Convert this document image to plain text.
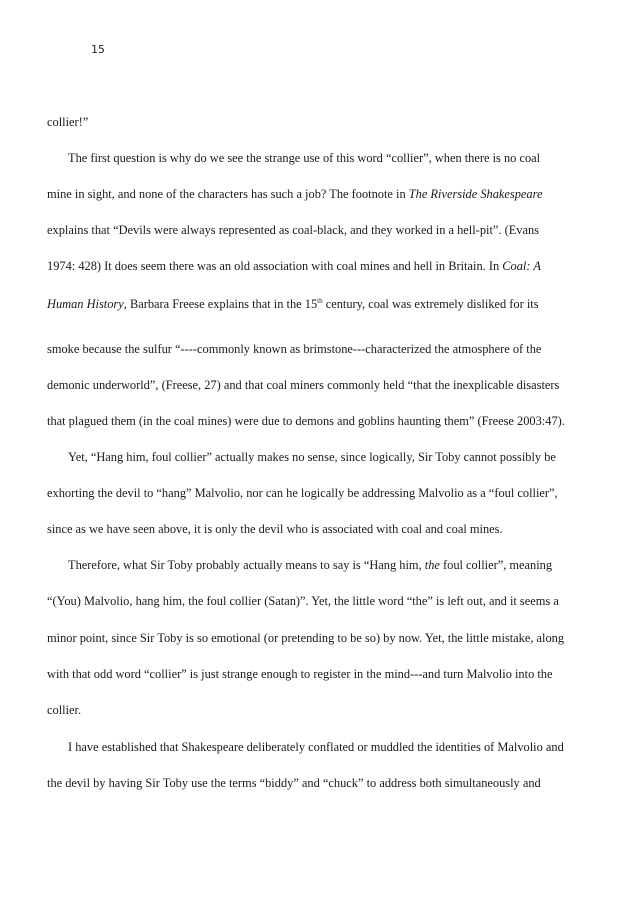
15
collier!”
The first question is why do we see the strange use of this word “collier”, when there is no coal
mine in sight, and none of the characters has such a job? The footnote in The Riverside Shakespeare
explains that “Devils were always represented as coal-black, and they worked in a hell-pit”. (Evans
1974: 428) It does seem there was an old association with coal mines and hell in Britain. In Coal: A
Human History, Barbara Freese explains that in the 15th century, coal was extremely disliked for its
smoke because the sulfur “----commonly known as brimstone---characterized the atmosphere of the
demonic underworld”, (Freese, 27) and that coal miners commonly held “that the inexplicable disasters
that plagued them (in the coal mines) were due to demons and goblins haunting them” (Freese 2003:47).
Yet, “Hang him, foul collier” actually makes no sense, since logically, Sir Toby cannot possibly be
exhorting the devil to “hang” Malvolio, nor can he logically be addressing Malvolio as a “foul collier”,
since as we have seen above, it is only the devil who is associated with coal and coal mines.
Therefore, what Sir Toby probably actually means to say is “Hang him, the foul collier”, meaning
“(You) Malvolio, hang him, the foul collier (Satan)”. Yet, the little word “the” is left out, and it seems a
minor point, since Sir Toby is so emotional (or pretending to be so) by now. Yet, the little mistake, along
with that odd word “collier” is just strange enough to register in the mind---and turn Malvolio into the
collier.
I have established that Shakespeare deliberately conflated or muddled the identities of Malvolio and
the devil by having Sir Toby use the terms “biddy” and “chuck” to address both simultaneously and
